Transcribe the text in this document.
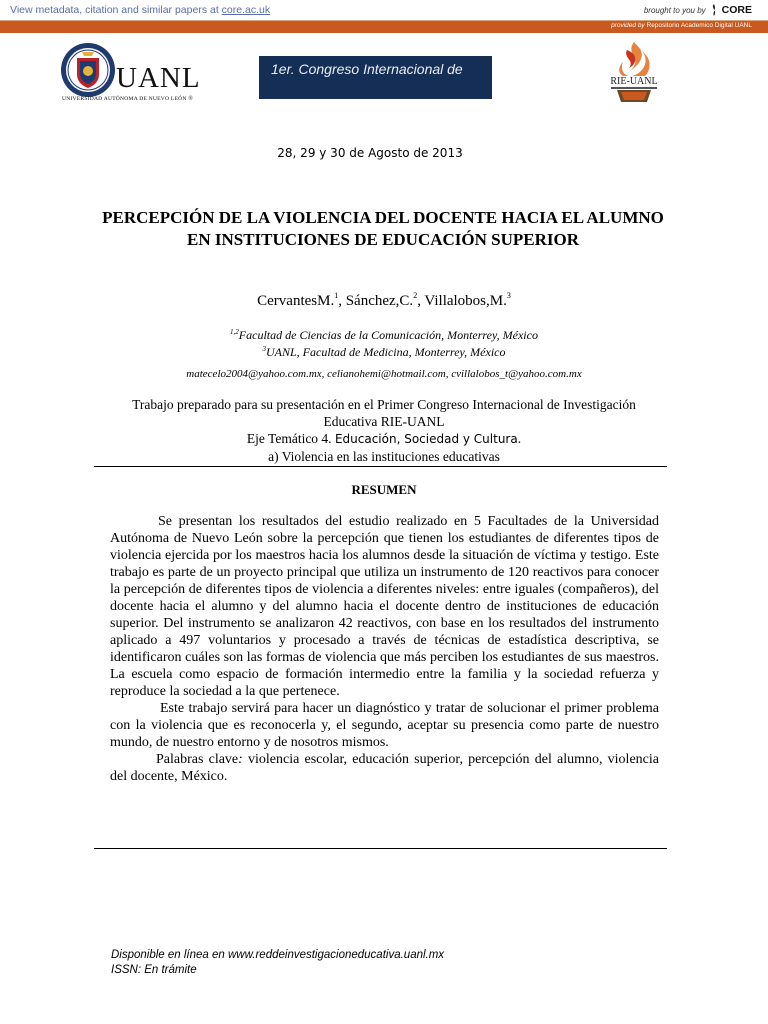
View metadata, citation and similar papers at core.ac.uk	brought to you by CORE
provided by Repositorio Academico Digital UANL
UANL
UNIVERSIDAD AUTÓNOMA DE NUEVO LEÓN ®
1er. Congreso Internacional de
RIE-UANL
28, 29 y 30 de Agosto de 2013
PERCEPCIÓN DE LA VIOLENCIA DEL DOCENTE HACIA EL ALUMNO EN INSTITUCIONES DE EDUCACIÓN SUPERIOR
CervantesM.$^1$, Sánchez,C.$^2$, Villalobos,M.$^3$
$^{1,2}$Facultad de Ciencias de la Comunicación, Monterrey, México
$^3$UANL, Facultad de Medicina, Monterrey, México
matecelo2004@yahoo.com.mx, celianohemi@hotmail.com, cvillalobos_t@yahoo.com.mx
Trabajo preparado para su presentación en el Primer Congreso Internacional de Investigación Educativa RIE-UANL
Eje Temático 4. Educación, Sociedad y Cultura.
a) Violencia en las instituciones educativas
RESUMEN

Se presentan los resultados del estudio realizado en 5 Facultades de la Universidad Autónoma de Nuevo León sobre la percepción que tienen los estudiantes de diferentes tipos de violencia ejercida por los maestros hacia los alumnos desde la situación de víctima y testigo. Este trabajo es parte de un proyecto principal que utiliza un instrumento de 120 reactivos para conocer la percepción de diferentes tipos de violencia a diferentes niveles: entre iguales (compañeros), del docente hacia el alumno y del alumno hacia el docente dentro de instituciones de educación superior. Del instrumento se analizaron 42 reactivos, con base en los resultados del instrumento aplicado a 497 voluntarios y procesado a través de técnicas de estadística descriptiva, se identificaron cuáles son las formas de violencia que más perciben los estudiantes de sus maestros. La escuela como espacio de formación intermedio entre la familia y la sociedad refuerza y reproduce la sociedad a la que pertenece.

Este trabajo servirá para hacer un diagnóstico y tratar de solucionar el primer problema con la violencia que es reconocerla y, el segundo, aceptar su presencia como parte de nuestro mundo, de nuestro entorno y de nosotros mismos.

Palabras clave: violencia escolar, educación superior, percepción del alumno, violencia del docente, México.

Disponible en línea en www.reddeinvestigacioneducativa.uanl.mx
ISSN: En trámite
